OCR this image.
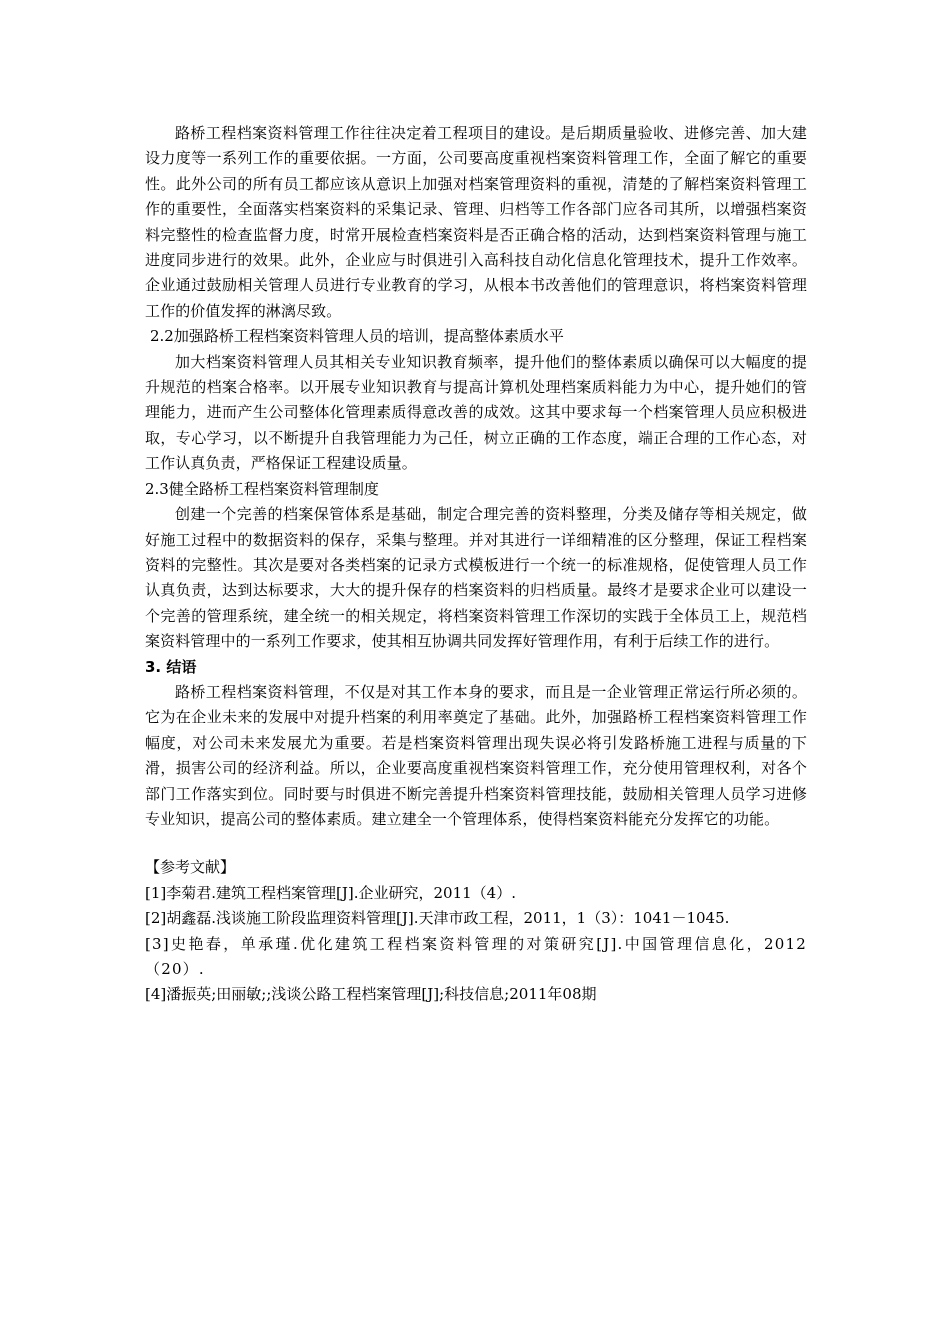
路桥工程档案资料管理工作往往决定着工程项目的建设。是后期质量验收、进修完善、加大建设力度等一系列工作的重要依据。一方面，公司要高度重视档案资料管理工作，全面了解它的重要性。此外公司的所有员工都应该从意识上加强对档案管理资料的重视，清楚的了解档案资料管理工作的重要性，全面落实档案资料的采集记录、管理、归档等工作各部门应各司其所，以增强档案资料完整性的检查监督力度，时常开展检查档案资料是否正确合格的活动，达到档案资料管理与施工进度同步进行的效果。此外，企业应与时俱进引入高科技自动化信息化管理技术，提升工作效率。企业通过鼓励相关管理人员进行专业教育的学习，从根本书改善他们的管理意识，将档案资料管理工作的价值发挥的淋漓尽致。

2.2加强路桥工程档案资料管理人员的培训，提高整体素质水平

加大档案资料管理人员其相关专业知识教育频率，提升他们的整体素质以确保可以大幅度的提升规范的档案合格率。以开展专业知识教育与提高计算机处理档案质料能力为中心，提升她们的管理能力，进而产生公司整体化管理素质得意改善的成效。这其中要求每一个档案管理人员应积极进取，专心学习，以不断提升自我管理能力为己任，树立正确的工作态度，端正合理的工作心态，对工作认真负责，严格保证工程建设质量。

2.3健全路桥工程档案资料管理制度

创建一个完善的档案保管体系是基础，制定合理完善的资料整理，分类及储存等相关规定，做好施工过程中的数据资料的保存，采集与整理。并对其进行一详细精准的区分整理，保证工程档案资料的完整性。其次是要对各类档案的记录方式模板进行一个统一的标准规格，促使管理人员工作认真负责，达到达标要求，大大的提升保存的档案资料的归档质量。最终才是要求企业可以建设一个完善的管理系统，建全统一的相关规定，将档案资料管理工作深切的实践于全体员工上，规范档案资料管理中的一系列工作要求，使其相互协调共同发挥好管理作用，有利于后续工作的进行。

3. 结语

路桥工程档案资料管理，不仅是对其工作本身的要求，而且是一企业管理正常运行所必须的。它为在企业未来的发展中对提升档案的利用率奠定了基础。此外，加强路桥工程档案资料管理工作幅度，对公司未来发展尤为重要。若是档案资料管理出现失误必将引发路桥施工进程与质量的下滑，损害公司的经济利益。所以，企业要高度重视档案资料管理工作，充分使用管理权利，对各个部门工作落实到位。同时要与时俱进不断完善提升档案资料管理技能，鼓励相关管理人员学习进修专业知识，提高公司的整体素质。建立建全一个管理体系，使得档案资料能充分发挥它的功能。

【参考文献】

[1]李菊君.建筑工程档案管理[J].企业研究，2011（4）.

[2]胡鑫磊.浅谈施工阶段监理资料管理[J].天津市政工程，2011，1（3）：1041－1045.

[3]史艳春，单承瑾.优化建筑工程档案资料管理的对策研究[J].中国管理信息化，2012（20）.

[4]潘振英;田丽敏;;浅谈公路工程档案管理[J];科技信息;2011年08期
